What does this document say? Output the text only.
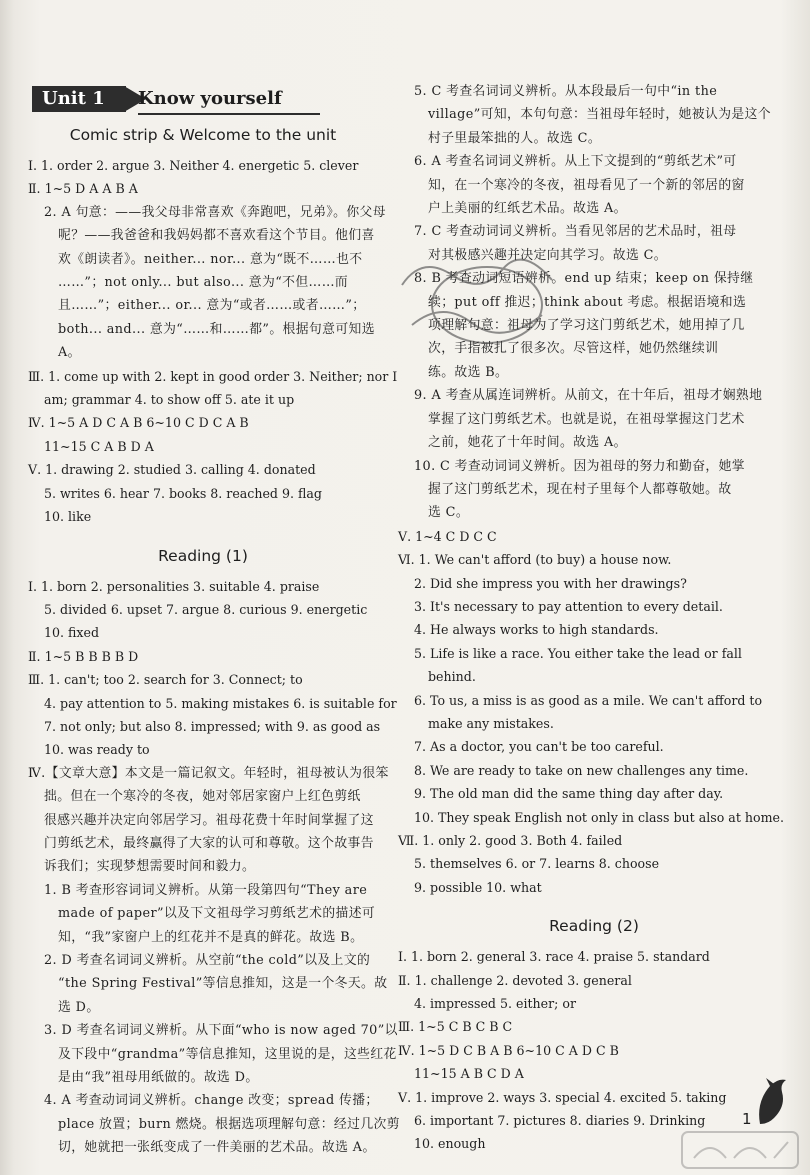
Unit 1	Know yourself
Comic strip & Welcome to the unit
Ⅰ. 1. order 2. argue 3. Neither 4. energetic 5. clever
Ⅱ. 1~5 D A A B A
2. A 句意：——我父母非常喜欢《奔跑吧，兄弟》。你父母
呢？——我爸爸和我妈妈都不喜欢看这个节目。他们喜
欢《朗读者》。neither... nor... 意为“既不……也不
……”；not only... but also... 意为“不但……而
且……”；either... or... 意为“或者……或者……”；
both... and... 意为“……和……都”。根据句意可知选
A。
Ⅲ. 1. come up with 2. kept in good order 3. Neither; nor I
am; grammar 4. to show off 5. ate it up
Ⅳ. 1~5 A D C A B 6~10 C D C A B
11~15 C A B D A
Ⅴ. 1. drawing 2. studied 3. calling 4. donated
5. writes 6. hear 7. books 8. reached 9. flag
10. like
Reading (1)
Ⅰ. 1. born 2. personalities 3. suitable 4. praise
5. divided 6. upset 7. argue 8. curious 9. energetic
10. fixed
Ⅱ. 1~5 B B B B D
Ⅲ. 1. can't; too 2. search for 3. Connect; to
4. pay attention to 5. making mistakes 6. is suitable for
7. not only; but also 8. impressed; with 9. as good as
10. was ready to
Ⅳ.【文章大意】本文是一篇记叙文。年轻时，祖母被认为很笨
拙。但在一个寒冷的冬夜，她对邻居家窗户上红色剪纸
很感兴趣并决定向邻居学习。祖母花费十年时间掌握了这
门剪纸艺术，最终赢得了大家的认可和尊敬。这个故事告
诉我们；实现梦想需要时间和毅力。
1. B 考查形容词词义辨析。从第一段第四句“They are
made of paper”以及下文祖母学习剪纸艺术的描述可
知，“我”家窗户上的红花并不是真的鲜花。故选 B。
2. D 考查名词词义辨析。从空前“the cold”以及上文的
“the Spring Festival”等信息推知，这是一个冬天。故
选 D。
3. D 考查名词词义辨析。从下面“who is now aged 70”以
及下段中“grandma”等信息推知，这里说的是，这些红花
是由“我”祖母用纸做的。故选 D。
4. A 考查动词词义辨析。change 改变；spread 传播；
place 放置；burn 燃烧。根据选项理解句意：经过几次剪
切，她就把一张纸变成了一件美丽的艺术品。故选 A。
5. C 考查名词词义辨析。从本段最后一句中“in the
village”可知，本句句意：当祖母年轻时，她被认为是这个
村子里最笨拙的人。故选 C。
6. A 考查名词词义辨析。从上下文提到的“剪纸艺术”可
知，在一个寒冷的冬夜，祖母看见了一个新的邻居的窗
户上美丽的红纸艺术品。故选 A。
7. C 考查动词词义辨析。当看见邻居的艺术品时，祖母
对其极感兴趣并决定向其学习。故选 C。
8. B 考查动词短语辨析。end up 结束；keep on 保持继
续；put off 推迟；think about 考虑。根据语境和选
项理解句意：祖母为了学习这门剪纸艺术，她用掉了几
次，手指被扎了很多次。尽管这样，她仍然继续训
练。故选 B。
9. A 考查从属连词辨析。从前文，在十年后，祖母才娴熟地
掌握了这门剪纸艺术。也就是说，在祖母掌握这门艺术
之前，她花了十年时间。故选 A。
10. C 考查动词词义辨析。因为祖母的努力和勤奋，她掌
握了这门剪纸艺术，现在村子里每个人都尊敬她。故
选 C。
Ⅴ. 1~4 C D C C
Ⅵ. 1. We can't afford (to buy) a house now.
2. Did she impress you with her drawings?
3. It's necessary to pay attention to every detail.
4. He always works to high standards.
5. Life is like a race. You either take the lead or fall
behind.
6. To us, a miss is as good as a mile. We can't afford to
make any mistakes.
7. As a doctor, you can't be too careful.
8. We are ready to take on new challenges any time.
9. The old man did the same thing day after day.
10. They speak English not only in class but also at home.
Ⅶ. 1. only 2. good 3. Both 4. failed
5. themselves 6. or 7. learns 8. choose
9. possible 10. what
Reading (2)
Ⅰ. 1. born 2. general 3. race 4. praise 5. standard
Ⅱ. 1. challenge 2. devoted 3. general
4. impressed 5. either; or
Ⅲ. 1~5 C B C B C
Ⅳ. 1~5 D C B A B 6~10 C A D C B
11~15 A B C D A
Ⅴ. 1. improve 2. ways 3. special 4. excited 5. taking
6. important 7. pictures 8. diaries 9. Drinking
10. enough
1
